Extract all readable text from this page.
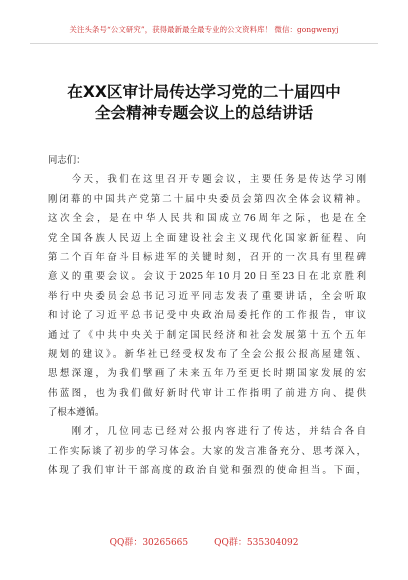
关注头条号“公文研究”，获得最新最全最专业的公文资料库！ 微信：gongwenyj
在XX区审计局传达学习党的二十届四中
全会精神专题会议上的总结讲话
同志们：
　　今天，我们在这里召开专题会议，主要任务是传达学习刚
刚闭幕的中国共产党第二十届中央委员会第四次全体会议精神。
这次全会，是在中华人民共和国成立76周年之际，也是在全
党全国各族人民迈上全面建设社会主义现代化国家新征程、向
第二个百年奋斗目标进军的关键时刻，召开的一次具有里程碑
意义的重要会议。会议于2025年10月20日至23日在北京胜利
举行中央委员会总书记习近平同志发表了重要讲话，全会听取
和讨论了习近平总书记受中央政治局委托作的工作报告，审议
通过了《中共中央关于制定国民经济和社会发展第十五个五年
规划的建议》。新华社已经受权发布了全会公报公报高屋建瓴、
思想深邃，为我们擘画了未来五年乃至更长时期国家发展的宏
伟蓝图，也为我们做好新时代审计工作指明了前进方向、提供
了根本遵循。
　　刚才，几位同志已经对公报内容进行了传达，并结合各自
工作实际谈了初步的学习体会。大家的发言准备充分、思考深入，
体现了我们审计干部高度的政治自觉和强烈的使命担当。下面，
QQ群：30265665	QQ群：535304092
